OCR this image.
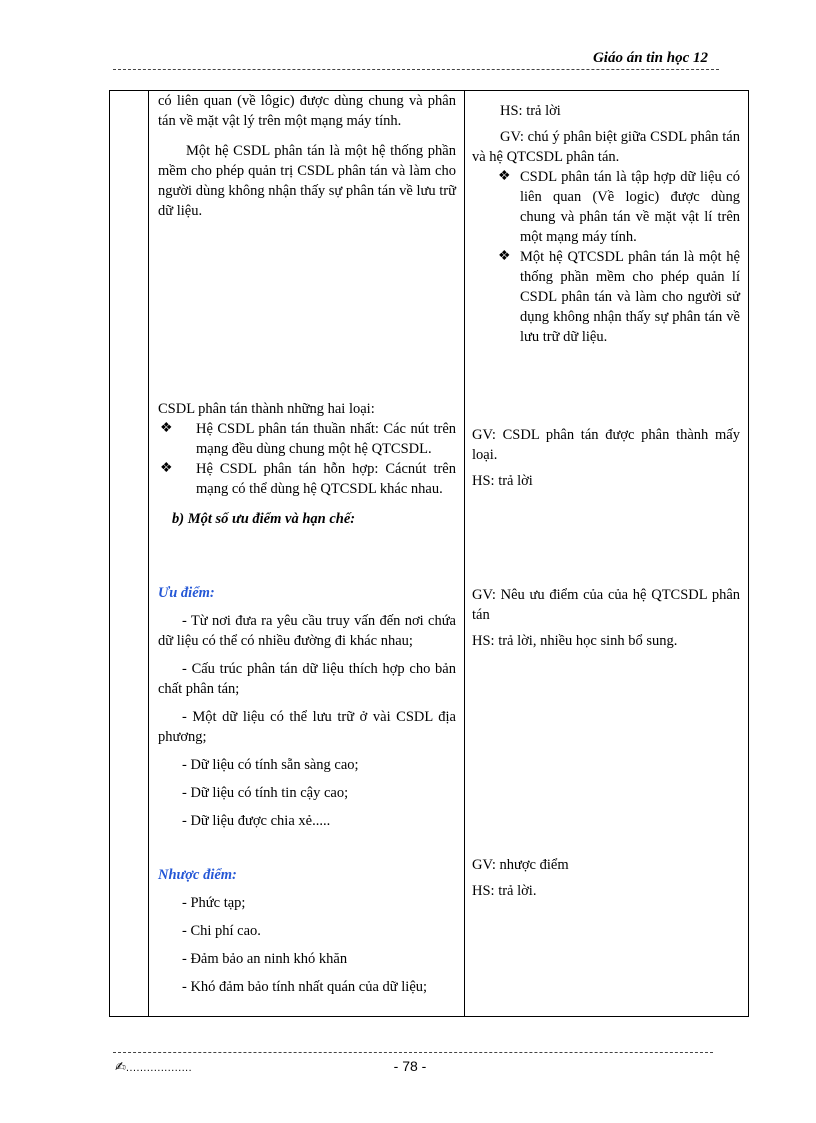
Giáo án tin học 12

có liên quan (về lôgic) được dùng chung và phân tán về mặt vật lý trên một mạng máy tính.

Một hệ CSDL phân tán là một hệ thống phần mềm cho phép quản trị CSDL phân tán và làm cho người dùng không nhận thấy sự phân tán về lưu trữ dữ liệu.

CSDL phân tán thành những hai loại:

❖ Hệ CSDL phân tán thuần nhất: Các nút trên mạng đều dùng chung một hệ QTCSDL.
❖ Hệ CSDL phân tán hỗn hợp: Cácnút trên mạng có thể dùng hệ QTCSDL khác nhau.

b) Một số ưu điểm và hạn chế:

Ưu điểm:

- Từ nơi đưa ra yêu cầu truy vấn đến nơi chứa dữ liệu có thể có nhiều đường đi khác nhau;

- Cấu trúc phân tán dữ liệu thích hợp cho bản chất phân tán;

- Một dữ liệu có thể lưu trữ ở vài CSDL địa phương;

- Dữ liệu có tính sẵn sàng cao;

- Dữ liệu có tính tin cậy cao;

- Dữ liệu được chia xẻ.....

Nhược điểm:

- Phức tạp;

- Chi phí cao.

- Đảm bảo an ninh khó khăn

- Khó đảm bảo tính nhất quán của dữ liệu;

HS: trả lời

GV: chú ý phân biệt giữa CSDL phân tán và hệ QTCSDL phân tán.

❖ CSDL phân tán là tập hợp dữ liệu có liên quan (Về logic) được dùng chung và phân tán về mặt vật lí trên một mạng máy tính.
❖ Một hệ QTCSDL phân tán là một hệ thống phần mềm cho phép quản lí CSDL phân tán và làm cho người sử dụng không nhận thấy sự phân tán về lưu trữ dữ liệu.

GV: CSDL phân tán được phân thành mấy loại.

HS: trả lời

GV: Nêu ưu điểm của của hệ QTCSDL phân tán

HS: trả lời, nhiều học sinh bổ sung.

GV: nhược điểm

HS: trả lời.

✍...................	- 78 -
